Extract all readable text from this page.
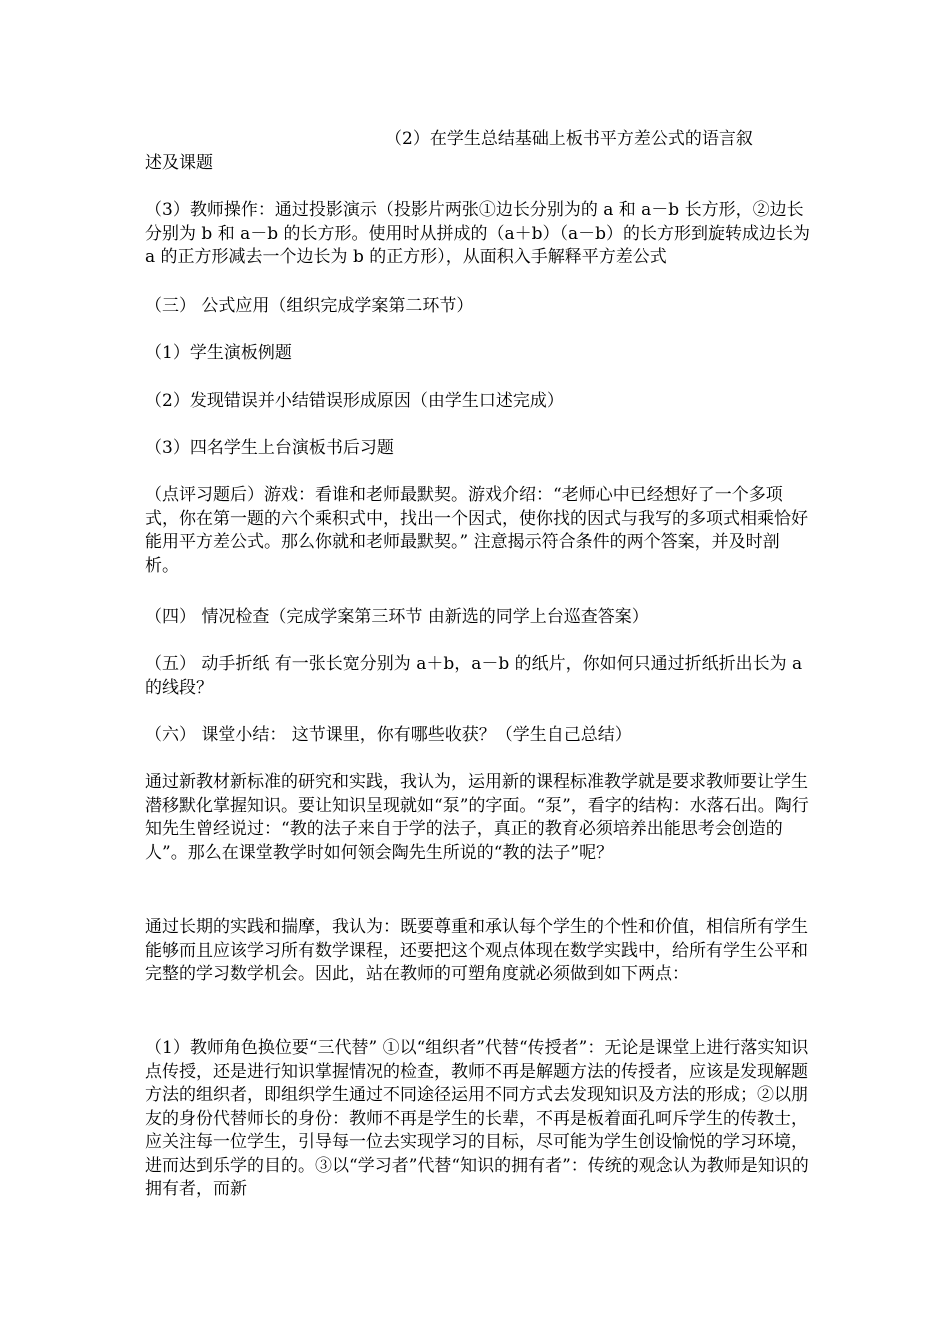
（2）在学生总结基础上板书平方差公式的语言叙

述及课题

（3）教师操作：通过投影演示（投影片两张①边长分别为的 a 和 a－b 长方形，②边长分别为 b 和 a－b 的长方形。使用时从拼成的（a＋b）（a－b）的长方形到旋转成边长为 a 的正方形减去一个边长为 b 的正方形），从面积入手解释平方差公式

（三） 公式应用（组织完成学案第二环节）

（1）学生演板例题

（2）发现错误并小结错误形成原因（由学生口述完成）

（3）四名学生上台演板书后习题

（点评习题后）游戏：看谁和老师最默契。游戏介绍：“老师心中已经想好了一个多项式，你在第一题的六个乘积式中，找出一个因式，使你找的因式与我写的多项式相乘恰好能用平方差公式。那么你就和老师最默契。” 注意揭示符合条件的两个答案，并及时剖析。

（四） 情况检查（完成学案第三环节 由新选的同学上台巡查答案）

（五） 动手折纸 有一张长宽分别为 a＋b，a－b 的纸片，你如何只通过折纸折出长为 a 的线段？

（六） 课堂小结： 这节课里，你有哪些收获？（学生自己总结）

通过新教材新标准的研究和实践，我认为，运用新的课程标准教学就是要求教师要让学生潜移默化掌握知识。要让知识呈现就如“泵”的字面。“泵”，看字的结构：水落石出。陶行知先生曾经说过：“教的法子来自于学的法子，真正的教育必须培养出能思考会创造的人”。那么在课堂教学时如何领会陶先生所说的“教的法子”呢？

通过长期的实践和揣摩，我认为：既要尊重和承认每个学生的个性和价值，相信所有学生能够而且应该学习所有数学课程，还要把这个观点体现在数学实践中，给所有学生公平和完整的学习数学机会。因此，站在教师的可塑角度就必须做到如下两点：

（1）教师角色换位要“三代替” ①以“组织者”代替“传授者”：无论是课堂上进行落实知识点传授，还是进行知识掌握情况的检查，教师不再是解题方法的传授者，应该是发现解题方法的组织者，即组织学生通过不同途径运用不同方式去发现知识及方法的形成；②以朋友的身份代替师长的身份：教师不再是学生的长辈，不再是板着面孔呵斥学生的传教士，应关注每一位学生，引导每一位去实现学习的目标，尽可能为学生创设愉悦的学习环境，进而达到乐学的目的。③以“学习者”代替“知识的拥有者”：传统的观念认为教师是知识的拥有者，而新
